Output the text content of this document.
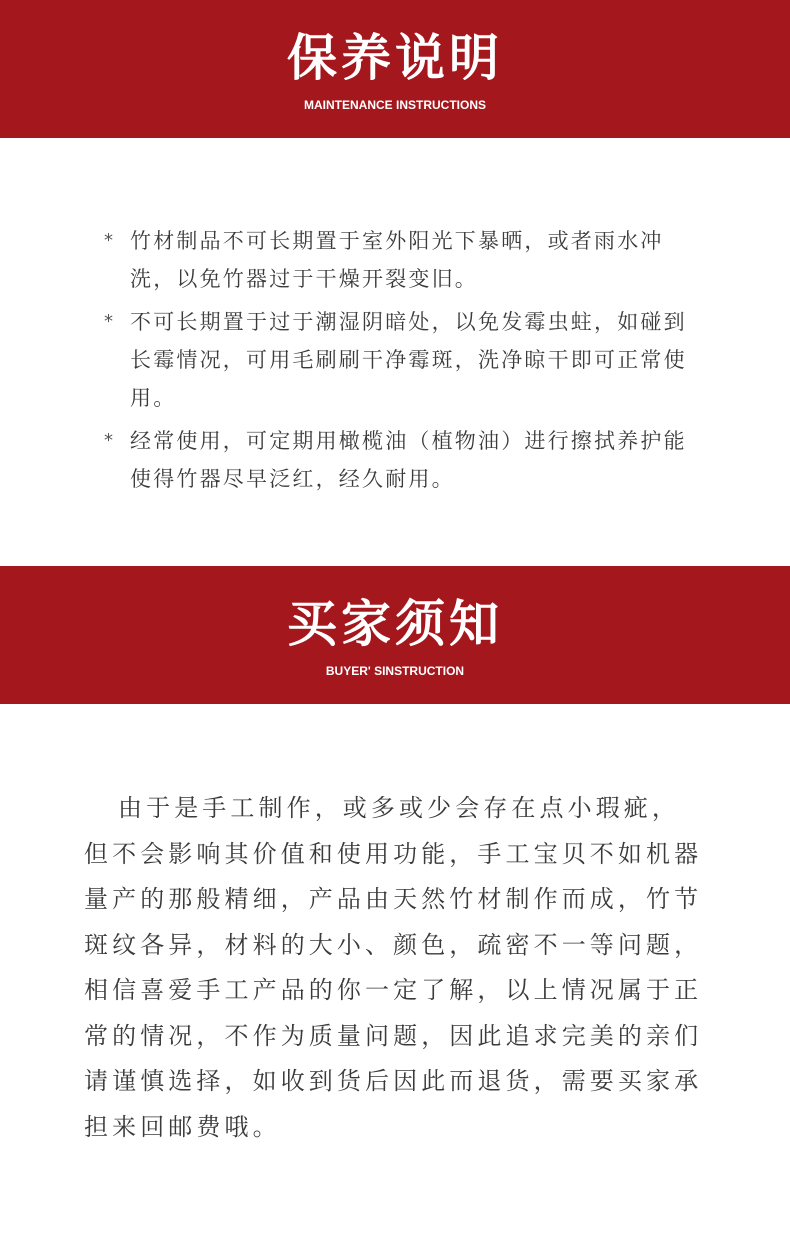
保养说明
MAINTENANCE INSTRUCTIONS
* 竹材制品不可长期置于室外阳光下暴晒，或者雨水冲洗，以免竹器过于干燥开裂变旧。
* 不可长期置于过于潮湿阴暗处，以免发霉虫蛀，如碰到长霉情况，可用毛刷刷干净霉斑，洗净晾干即可正常使用。
* 经常使用，可定期用橄榄油（植物油）进行擦拭养护能使得竹器尽早泛红，经久耐用。
买家须知
BUYER' SINSTRUCTION

由于是手工制作，或多或少会存在点小瑕疵，但不会影响其价值和使用功能，手工宝贝不如机器量产的那般精细，产品由天然竹材制作而成，竹节斑纹各异，材料的大小、颜色，疏密不一等问题，相信喜爱手工产品的你一定了解，以上情况属于正常的情况，不作为质量问题，因此追求完美的亲们请谨慎选择，如收到货后因此而退货，需要买家承担来回邮费哦。
